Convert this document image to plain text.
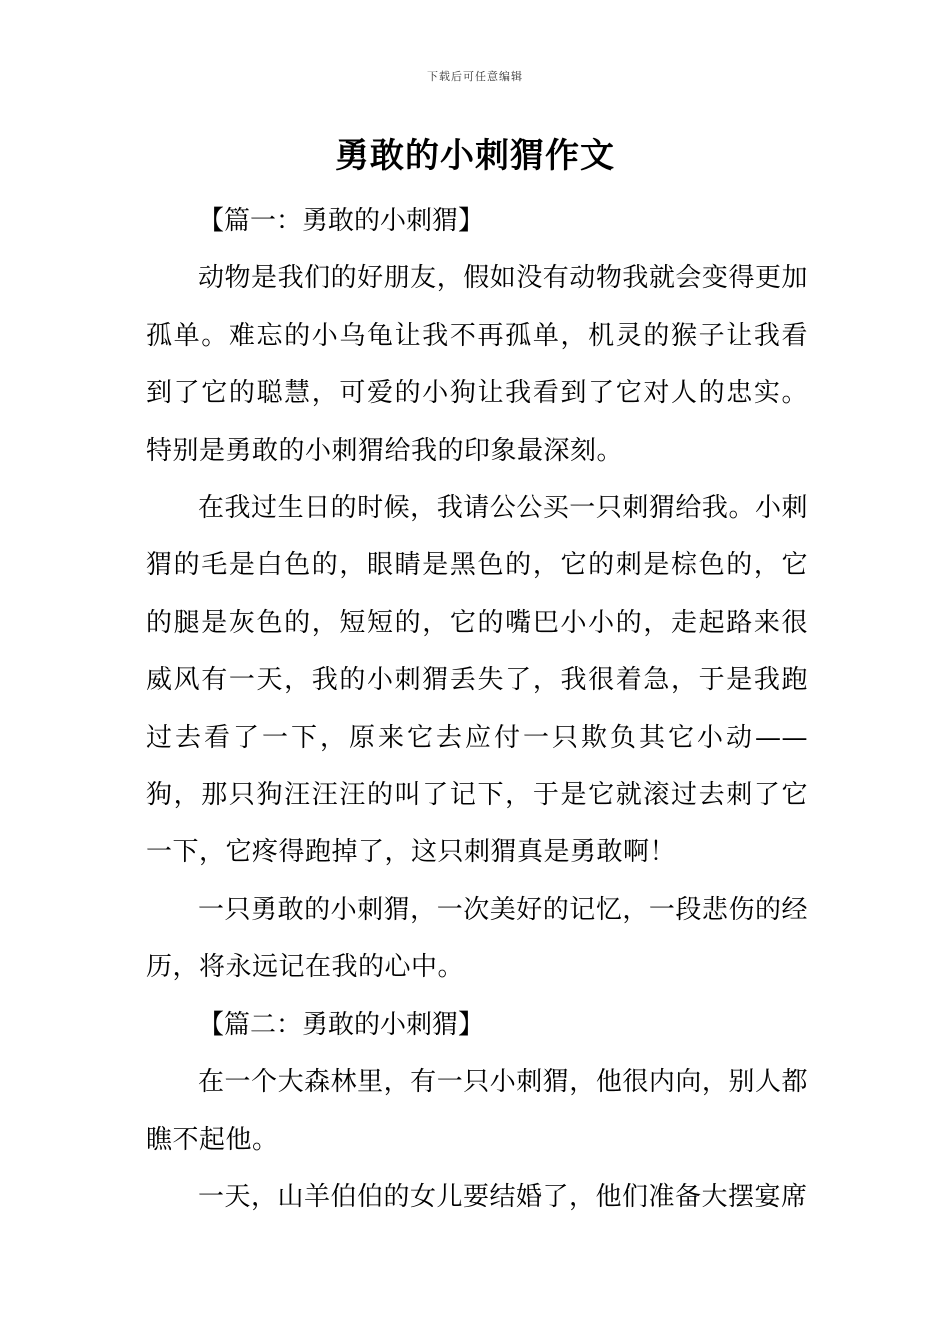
下载后可任意编辑
勇敢的小刺猬作文

【篇一：勇敢的小刺猬】

动物是我们的好朋友，假如没有动物我就会变得更加孤单。难忘的小乌龟让我不再孤单，机灵的猴子让我看到了它的聪慧，可爱的小狗让我看到了它对人的忠实。特别是勇敢的小刺猬给我的印象最深刻。

在我过生日的时候，我请公公买一只刺猬给我。小刺猬的毛是白色的，眼睛是黑色的，它的刺是棕色的，它的腿是灰色的，短短的，它的嘴巴小小的，走起路来很威风有一天，我的小刺猬丢失了，我很着急，于是我跑过去看了一下，原来它去应付一只欺负其它小动——狗，那只狗汪汪汪的叫了记下，于是它就滚过去刺了它一下，它疼得跑掉了，这只刺猬真是勇敢啊！

一只勇敢的小刺猬，一次美好的记忆，一段悲伤的经历，将永远记在我的心中。

【篇二：勇敢的小刺猬】

在一个大森林里，有一只小刺猬，他很内向，别人都瞧不起他。

一天，山羊伯伯的女儿要结婚了，他们准备大摆宴席
